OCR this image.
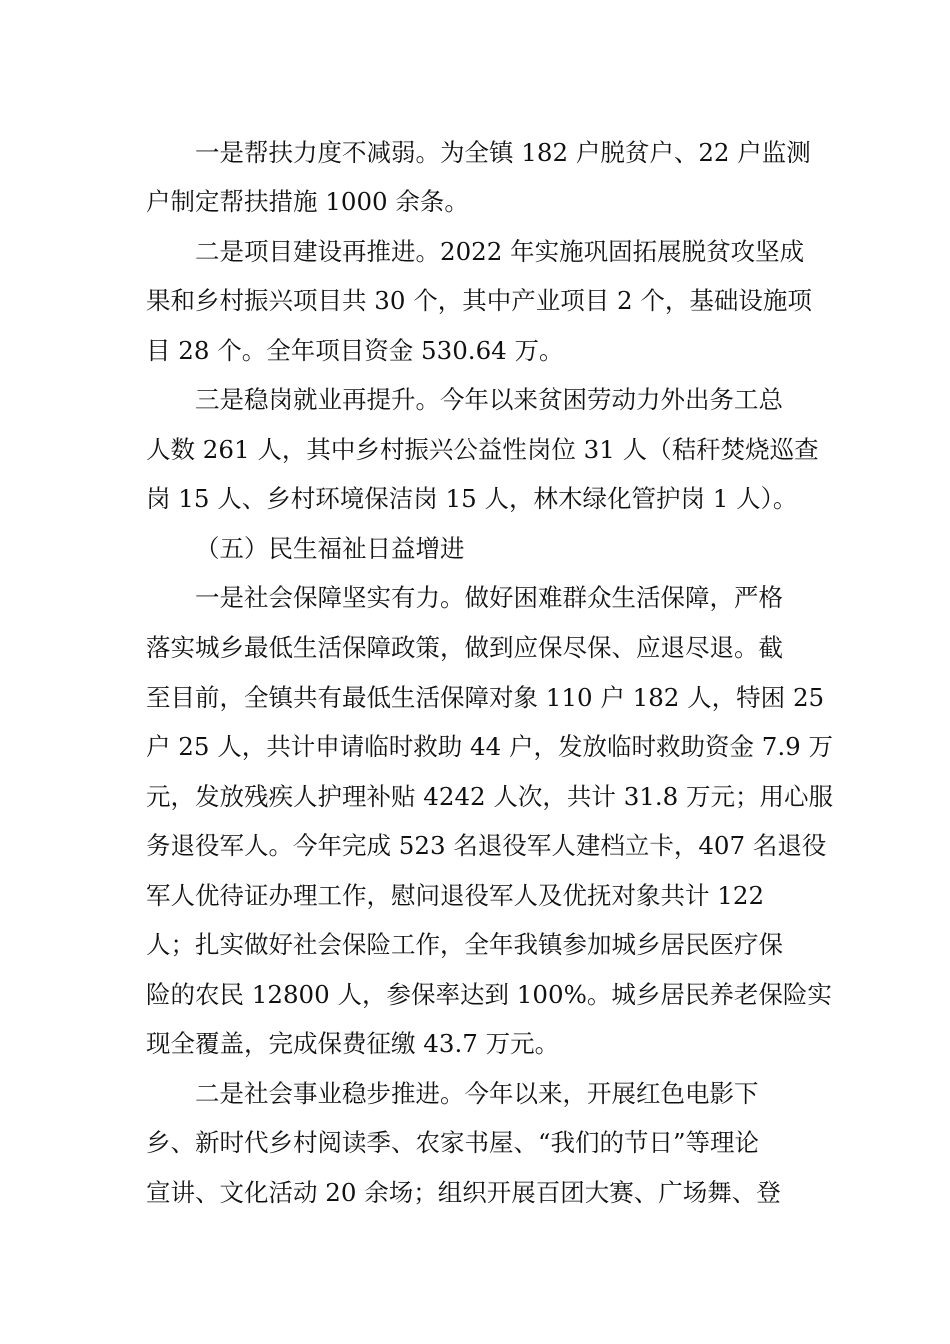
一是帮扶力度不减弱。为全镇 182 户脱贫户、22 户监测

户制定帮扶措施 1000 余条。

二是项目建设再推进。2022 年实施巩固拓展脱贫攻坚成

果和乡村振兴项目共 30 个，其中产业项目 2 个，基础设施项

目 28 个。全年项目资金 530.64 万。

三是稳岗就业再提升。今年以来贫困劳动力外出务工总

人数 261 人，其中乡村振兴公益性岗位 31 人（秸秆焚烧巡查

岗 15 人、乡村环境保洁岗 15 人，林木绿化管护岗 1 人）。

（五）民生福祉日益增进

一是社会保障坚实有力。做好困难群众生活保障，严格

落实城乡最低生活保障政策，做到应保尽保、应退尽退。截

至目前，全镇共有最低生活保障对象 110 户 182 人，特困 25

户 25 人，共计申请临时救助 44 户，发放临时救助资金 7.9 万

元，发放残疾人护理补贴 4242 人次，共计 31.8 万元；用心服

务退役军人。今年完成 523 名退役军人建档立卡，407 名退役

军人优待证办理工作，慰问退役军人及优抚对象共计 122

人；扎实做好社会保险工作，全年我镇参加城乡居民医疗保

险的农民 12800 人，参保率达到 100%。城乡居民养老保险实

现全覆盖，完成保费征缴 43.7 万元。

二是社会事业稳步推进。今年以来，开展红色电影下

乡、新时代乡村阅读季、农家书屋、“我们的节日”等理论

宣讲、文化活动 20 余场；组织开展百团大赛、广场舞、登
